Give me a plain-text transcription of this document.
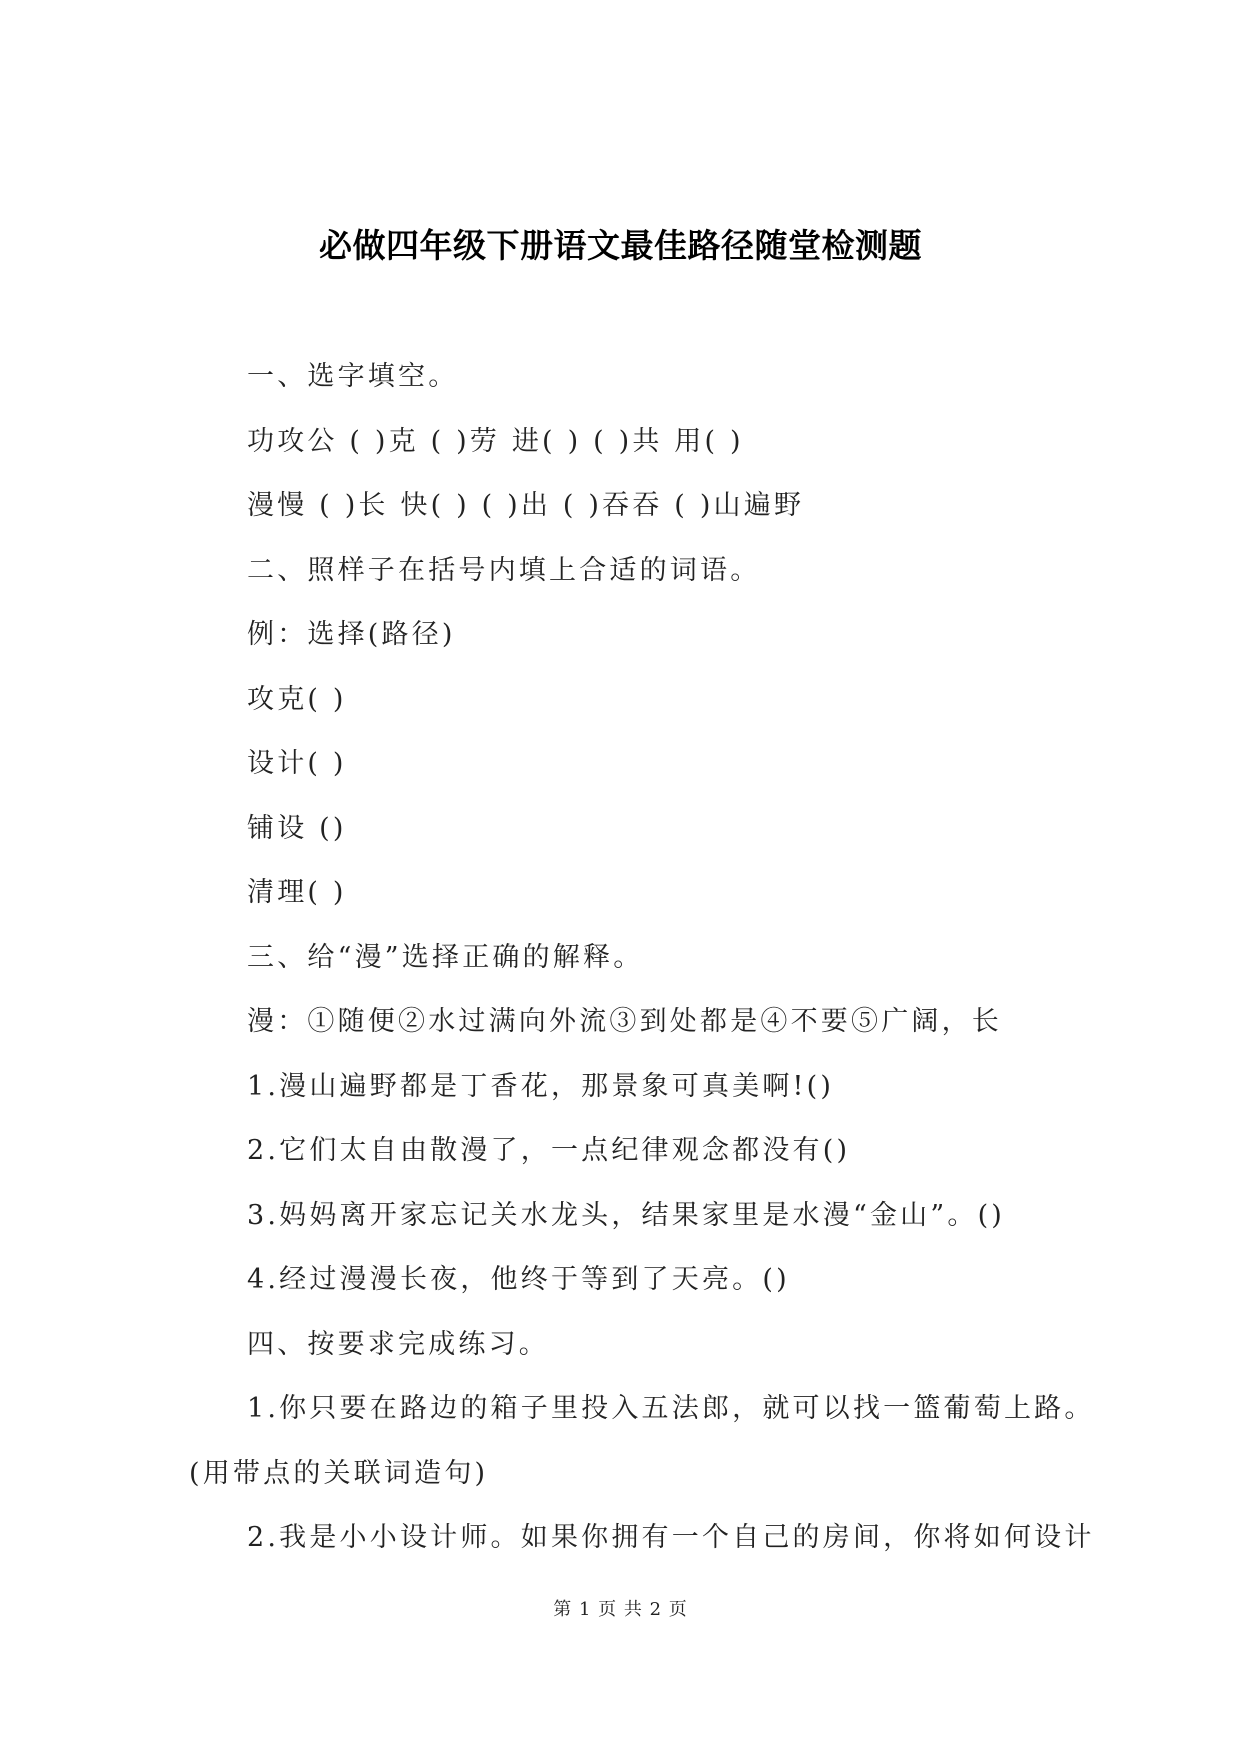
必做四年级下册语文最佳路径随堂检测题
一、选字填空。
功攻公 ( )克 ( )劳 进( ) ( )共 用( )
漫慢 ( )长 快( ) ( )出 ( )吞吞 ( )山遍野
二、照样子在括号内填上合适的词语。
例：选择(路径)
攻克( )
设计( )
铺设 ()
清理( )
三、给“漫”选择正确的解释。
漫：①随便②水过满向外流③到处都是④不要⑤广阔，长
1.漫山遍野都是丁香花，那景象可真美啊!()
2.它们太自由散漫了，一点纪律观念都没有()
3.妈妈离开家忘记关水龙头，结果家里是水漫“金山”。()
4.经过漫漫长夜，他终于等到了天亮。()
四、按要求完成练习。
1.你只要在路边的箱子里投入五法郎，就可以找一篮葡萄上路。
(用带点的关联词造句)
2.我是小小设计师。如果你拥有一个自己的房间，你将如何设计
第 1 页 共 2 页
